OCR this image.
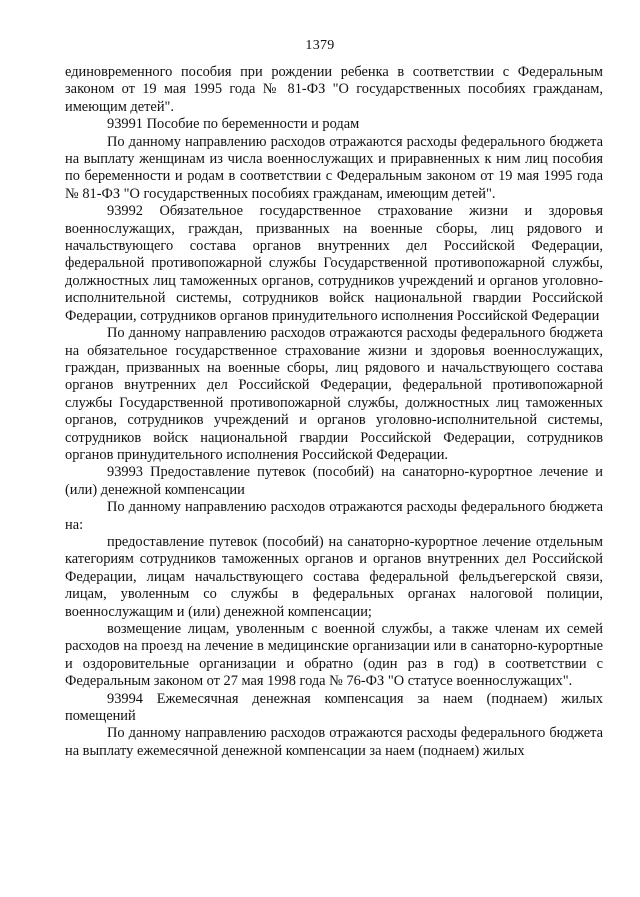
1379

единовременного пособия при рождении ребенка в соответствии с Федеральным законом от 19 мая 1995 года № 81-ФЗ "О государственных пособиях гражданам, имеющим детей".

93991 Пособие по беременности и родам

По данному направлению расходов отражаются расходы федерального бюджета на выплату женщинам из числа военнослужащих и приравненных к ним лиц пособия по беременности и родам в соответствии с Федеральным законом от 19 мая 1995 года № 81-ФЗ "О государственных пособиях гражданам, имеющим детей".

93992 Обязательное государственное страхование жизни и здоровья военнослужащих, граждан, призванных на военные сборы, лиц рядового и начальствующего состава органов внутренних дел Российской Федерации, федеральной противопожарной службы Государственной противопожарной службы, должностных лиц таможенных органов, сотрудников учреждений и органов уголовно-исполнительной системы, сотрудников войск национальной гвардии Российской Федерации, сотрудников органов принудительного исполнения Российской Федерации

По данному направлению расходов отражаются расходы федерального бюджета на обязательное государственное страхование жизни и здоровья военнослужащих, граждан, призванных на военные сборы, лиц рядового и начальствующего состава органов внутренних дел Российской Федерации, федеральной противопожарной службы Государственной противопожарной службы, должностных лиц таможенных органов, сотрудников учреждений и органов уголовно-исполнительной системы, сотрудников войск национальной гвардии Российской Федерации, сотрудников органов принудительного исполнения Российской Федерации.

93993 Предоставление путевок (пособий) на санаторно-курортное лечение и (или) денежной компенсации

По данному направлению расходов отражаются расходы федерального бюджета на:

предоставление путевок (пособий) на санаторно-курортное лечение отдельным категориям сотрудников таможенных органов и органов внутренних дел Российской Федерации, лицам начальствующего состава федеральной фельдъегерской связи, лицам, уволенным со службы в федеральных органах налоговой полиции, военнослужащим и (или) денежной компенсации;

возмещение лицам, уволенным с военной службы, а также членам их семей расходов на проезд на лечение в медицинские организации или в санаторно-курортные и оздоровительные организации и обратно (один раз в год) в соответствии с Федеральным законом от 27 мая 1998 года № 76-ФЗ "О статусе военнослужащих".

93994 Ежемесячная денежная компенсация за наем (поднаем) жилых помещений

По данному направлению расходов отражаются расходы федерального бюджета на выплату ежемесячной денежной компенсации за наем (поднаем) жилых
